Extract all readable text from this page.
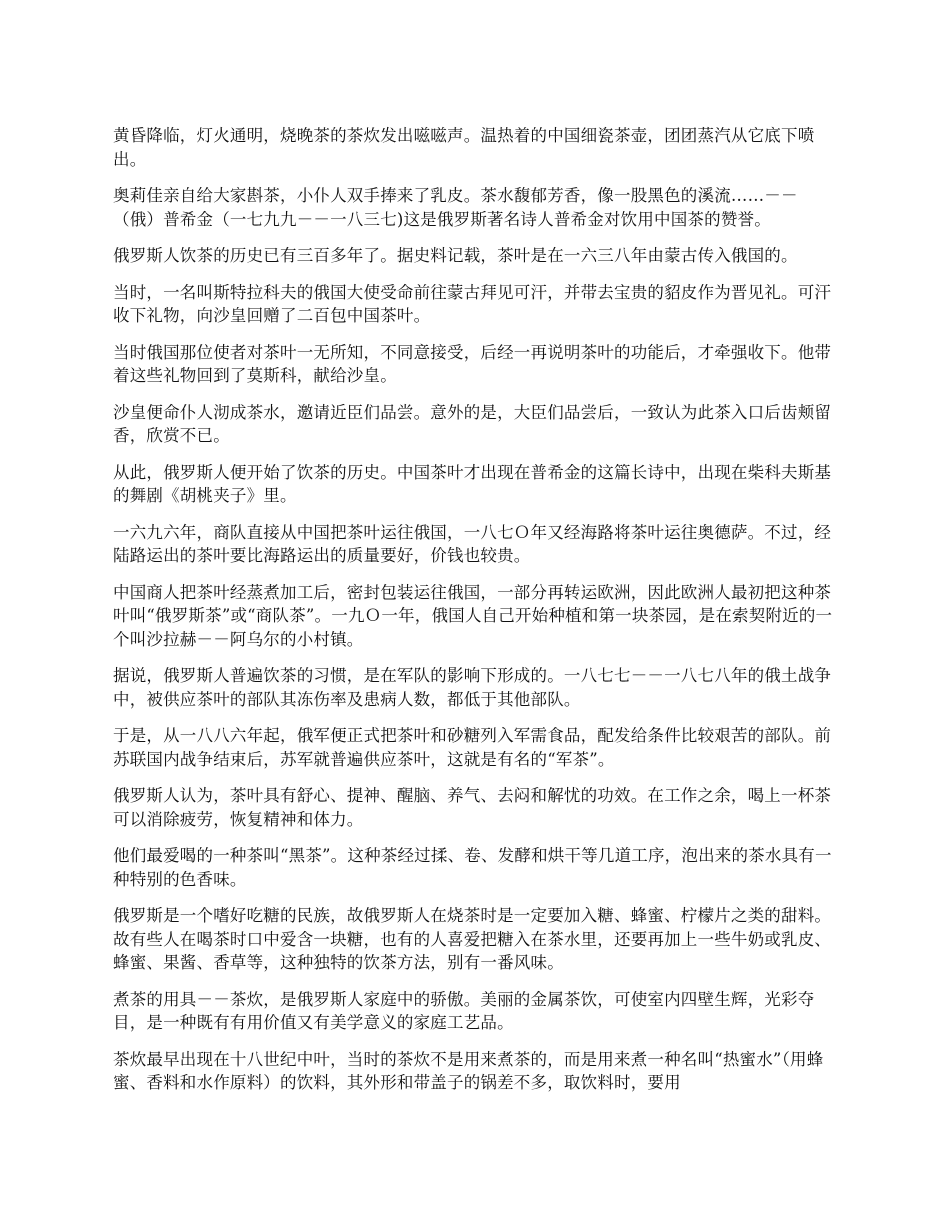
黄昏降临，灯火通明，烧晚茶的茶炊发出嗞嗞声。温热着的中国细瓷茶壶，团团蒸汽从它底下喷出。

奥莉佳亲自给大家斟茶，小仆人双手捧来了乳皮。茶水馥郁芳香，像一股黑色的溪流……－－（俄）普希金（一七九九－－一八三七)这是俄罗斯著名诗人普希金对饮用中国茶的赞誉。

俄罗斯人饮茶的历史已有三百多年了。据史料记载，茶叶是在一六三八年由蒙古传入俄国的。

当时，一名叫斯特拉科夫的俄国大使受命前往蒙古拜见可汗，并带去宝贵的貂皮作为晋见礼。可汗收下礼物，向沙皇回赠了二百包中国茶叶。

当时俄国那位使者对茶叶一无所知，不同意接受，后经一再说明茶叶的功能后，才牵强收下。他带着这些礼物回到了莫斯科，献给沙皇。

沙皇便命仆人沏成茶水，邀请近臣们品尝。意外的是，大臣们品尝后，一致认为此茶入口后齿颊留香，欣赏不已。

从此，俄罗斯人便开始了饮茶的历史。中国茶叶才出现在普希金的这篇长诗中，出现在柴科夫斯基的舞剧《胡桃夹子》里。

一六九六年，商队直接从中国把茶叶运往俄国，一八七Ｏ年又经海路将茶叶运往奥德萨。不过，经陆路运出的茶叶要比海路运出的质量要好，价钱也较贵。

中国商人把茶叶经蒸煮加工后，密封包装运往俄国，一部分再转运欧洲，因此欧洲人最初把这种茶叶叫“俄罗斯茶”或“商队茶”。一九Ｏ一年，俄国人自己开始种植和第一块茶园，是在索契附近的一个叫沙拉赫－－阿乌尔的小村镇。

据说，俄罗斯人普遍饮茶的习惯，是在军队的影响下形成的。一八七七－－一八七八年的俄土战争中，被供应茶叶的部队其冻伤率及患病人数，都低于其他部队。

于是，从一八八六年起，俄军便正式把茶叶和砂糖列入军需食品，配发给条件比较艰苦的部队。前苏联国内战争结束后，苏军就普遍供应茶叶，这就是有名的“军茶”。

俄罗斯人认为，茶叶具有舒心、提神、醒脑、养气、去闷和解忧的功效。在工作之余，喝上一杯茶可以消除疲劳，恢复精神和体力。

他们最爱喝的一种茶叫“黑茶”。这种茶经过揉、卷、发酵和烘干等几道工序，泡出来的茶水具有一种特别的色香味。

俄罗斯是一个嗜好吃糖的民族，故俄罗斯人在烧茶时是一定要加入糖、蜂蜜、柠檬片之类的甜料。故有些人在喝茶时口中爱含一块糖，也有的人喜爱把糖入在茶水里，还要再加上一些牛奶或乳皮、蜂蜜、果酱、香草等，这种独特的饮茶方法，别有一番风味。

煮茶的用具－－茶炊，是俄罗斯人家庭中的骄傲。美丽的金属茶饮，可使室内四壁生辉，光彩夺目，是一种既有有用价值又有美学意义的家庭工艺品。

茶炊最早出现在十八世纪中叶，当时的茶炊不是用来煮茶的，而是用来煮一种名叫“热蜜水”（用蜂蜜、香料和水作原料）的饮料，其外形和带盖子的锅差不多，取饮料时，要用
